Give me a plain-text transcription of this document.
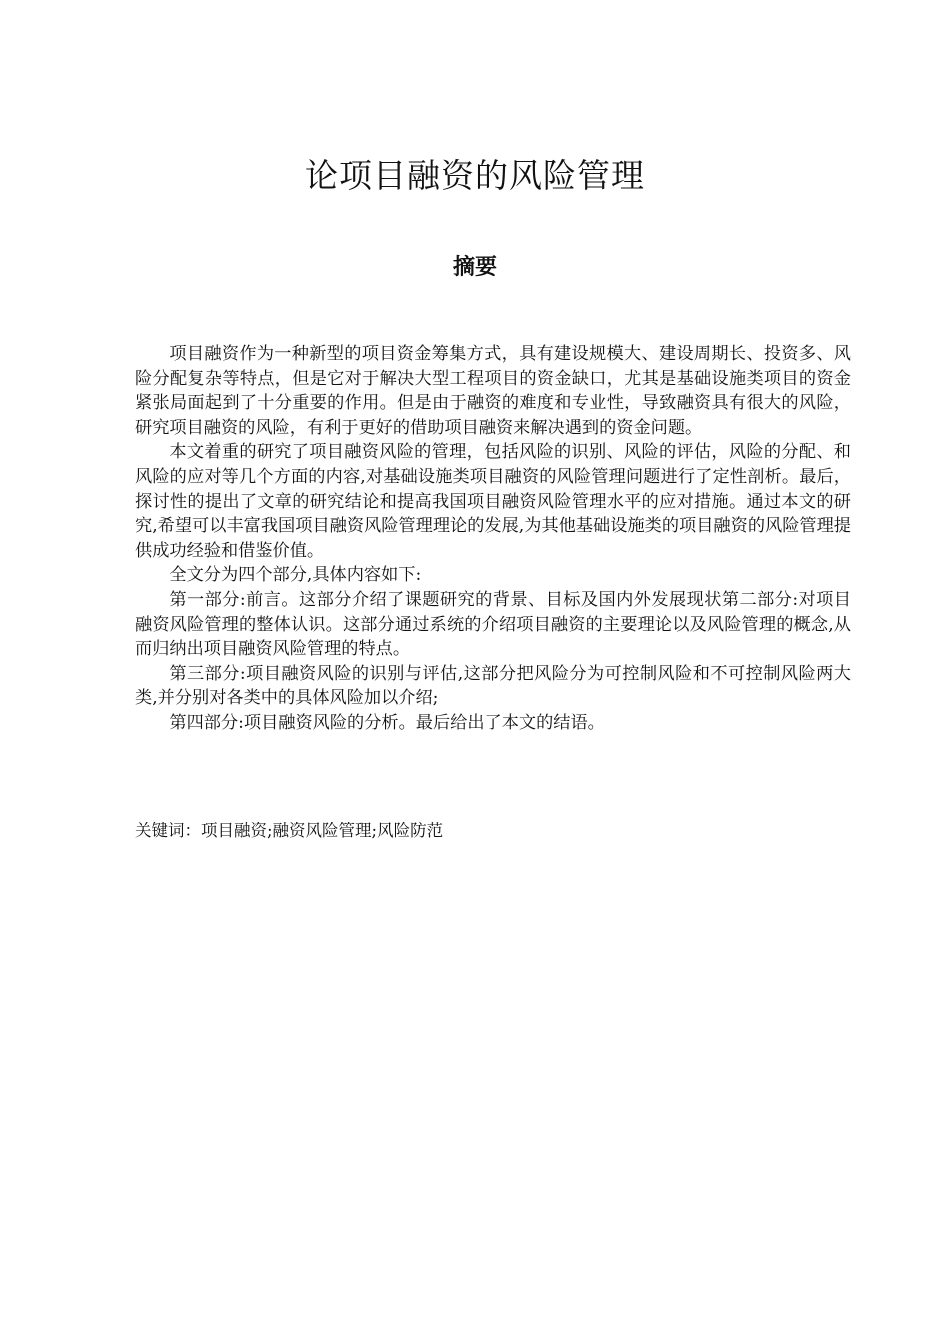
论项目融资的风险管理
摘要

项目融资作为一种新型的项目资金筹集方式，具有建设规模大、建设周期长、投资多、风险分配复杂等特点，但是它对于解决大型工程项目的资金缺口，尤其是基础设施类项目的资金紧张局面起到了十分重要的作用。但是由于融资的难度和专业性，导致融资具有很大的风险，研究项目融资的风险，有利于更好的借助项目融资来解决遇到的资金问题。

本文着重的研究了项目融资风险的管理，包括风险的识别、风险的评估，风险的分配、和风险的应对等几个方面的内容,对基础设施类项目融资的风险管理问题进行了定性剖析。最后，探讨性的提出了文章的研究结论和提高我国项目融资风险管理水平的应对措施。通过本文的研究,希望可以丰富我国项目融资风险管理理论的发展,为其他基础设施类的项目融资的风险管理提供成功经验和借鉴价值。

全文分为四个部分,具体内容如下:

第一部分:前言。这部分介绍了课题研究的背景、目标及国内外发展现状第二部分:对项目融资风险管理的整体认识。这部分通过系统的介绍项目融资的主要理论以及风险管理的概念,从而归纳出项目融资风险管理的特点。

第三部分:项目融资风险的识别与评估,这部分把风险分为可控制风险和不可控制风险两大类,并分别对各类中的具体风险加以介绍;

第四部分:项目融资风险的分析。最后给出了本文的结语。

关键词：项目融资;融资风险管理;风险防范
